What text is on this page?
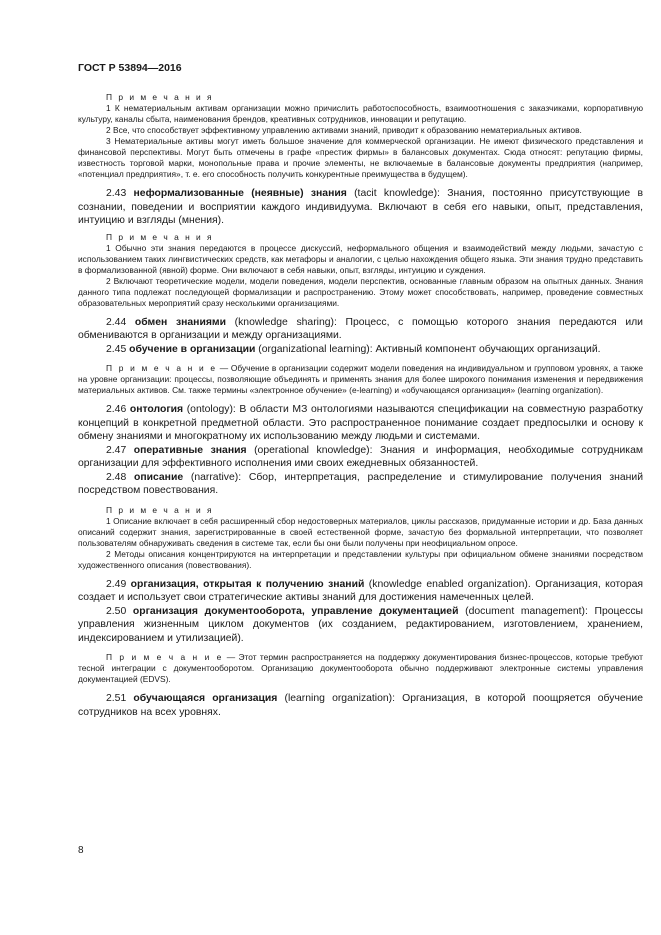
ГОСТ Р 53894—2016

П р и м е ч а н и я

1 К нематериальным активам организации можно причислить работоспособность, взаимоотношения с заказчиками, корпоративную культуру, каналы сбыта, наименования брендов, креативных сотрудников, инновации и репутацию.

2 Все, что способствует эффективному управлению активами знаний, приводит к образованию нематериальных активов.

3 Нематериальные активы могут иметь большое значение для коммерческой организации. Не имеют физического представления и финансовой перспективы. Могут быть отмечены в графе «престиж фирмы» в балансовых документах. Сюда относят: репутацию фирмы, известность торговой марки, монопольные права и прочие элементы, не включаемые в балансовые документы предприятия (например, «потенциал предприятия», т. е. его способность получить конкурентные преимущества в будущем).

2.43 неформализованные (неявные) знания (tacit knowledge): Знания, постоянно присутствующие в сознании, поведении и восприятии каждого индивидуума. Включают в себя его навыки, опыт, представления, интуицию и взгляды (мнения).

П р и м е ч а н и я

1 Обычно эти знания передаются в процессе дискуссий, неформального общения и взаимодействий между людьми, зачастую с использованием таких лингвистических средств, как метафоры и аналогии, с целью нахождения общего языка. Эти знания трудно представить в формализованной (явной) форме. Они включают в себя навыки, опыт, взгляды, интуицию и суждения.

2 Включают теоретические модели, модели поведения, модели перспектив, основанные главным образом на опытных данных. Знания данного типа подлежат последующей формализации и распространению. Этому может способствовать, например, проведение совместных образовательных мероприятий сразу несколькими организациями.

2.44 обмен знаниями (knowledge sharing): Процесс, с помощью которого знания передаются или обмениваются в организации и между организациями.

2.45 обучение в организации (organizational learning): Активный компонент обучающих организаций.

П р и м е ч а н и е — Обучение в организации содержит модели поведения на индивидуальном и групповом уровнях, а также на уровне организации: процессы, позволяющие объединять и применять знания для более широкого понимания изменения и передвижения материальных активов. См. также термины «электронное обучение» (e-learning) и «обучающаяся организация» (learning organization).

2.46 онтология (ontology): В области МЗ онтологиями называются спецификации на совместную разработку концепций в конкретной предметной области. Это распространенное понимание создает предпосылки и основу к обмену знаниями и многократному их использованию между людьми и системами.

2.47 оперативные знания (operational knowledge): Знания и информация, необходимые сотрудникам организации для эффективного исполнения ими своих ежедневных обязанностей.

2.48 описание (narrative): Сбор, интерпретация, распределение и стимулирование получения знаний посредством повествования.

П р и м е ч а н и я

1 Описание включает в себя расширенный сбор недостоверных материалов, циклы рассказов, придуманные истории и др. База данных описаний содержит знания, зарегистрированные в своей естественной форме, зачастую без формальной интерпретации, что позволяет пользователям обнаруживать сведения в системе так, если бы они были получены при неофициальном опросе.

2 Методы описания концентрируются на интерпретации и представлении культуры при официальном обмене знаниями посредством художественного описания (повествования).

2.49 организация, открытая к получению знаний (knowledge enabled organization). Организация, которая создает и использует свои стратегические активы знаний для достижения намеченных целей.

2.50 организация документооборота, управление документацией (document management): Процессы управления жизненным циклом документов (их созданием, редактированием, изготовлением, хранением, индексированием и утилизацией).

П р и м е ч а н и е — Этот термин распространяется на поддержку документирования бизнес-процессов, которые требуют тесной интеграции с документооборотом. Организацию документооборота обычно поддерживают электронные системы управления документацией (EDVS).

2.51 обучающаяся организация (learning organization): Организация, в которой поощряется обучение сотрудников на всех уровнях.

8
